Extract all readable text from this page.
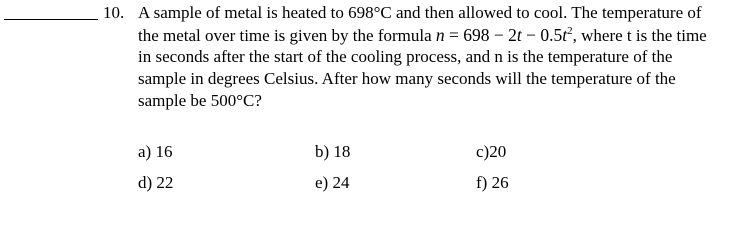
10. A sample of metal is heated to 698°C and then allowed to cool. The temperature of
the metal over time is given by the formula $n = 698 - 2t - 0.5t^2$, where t is the time
in seconds after the start of the cooling process, and n is the temperature of the
sample in degrees Celsius. After how many seconds will the temperature of the
sample be 500°C?
a) 16	b) 18	c)20
d) 22	e) 24	f) 26
